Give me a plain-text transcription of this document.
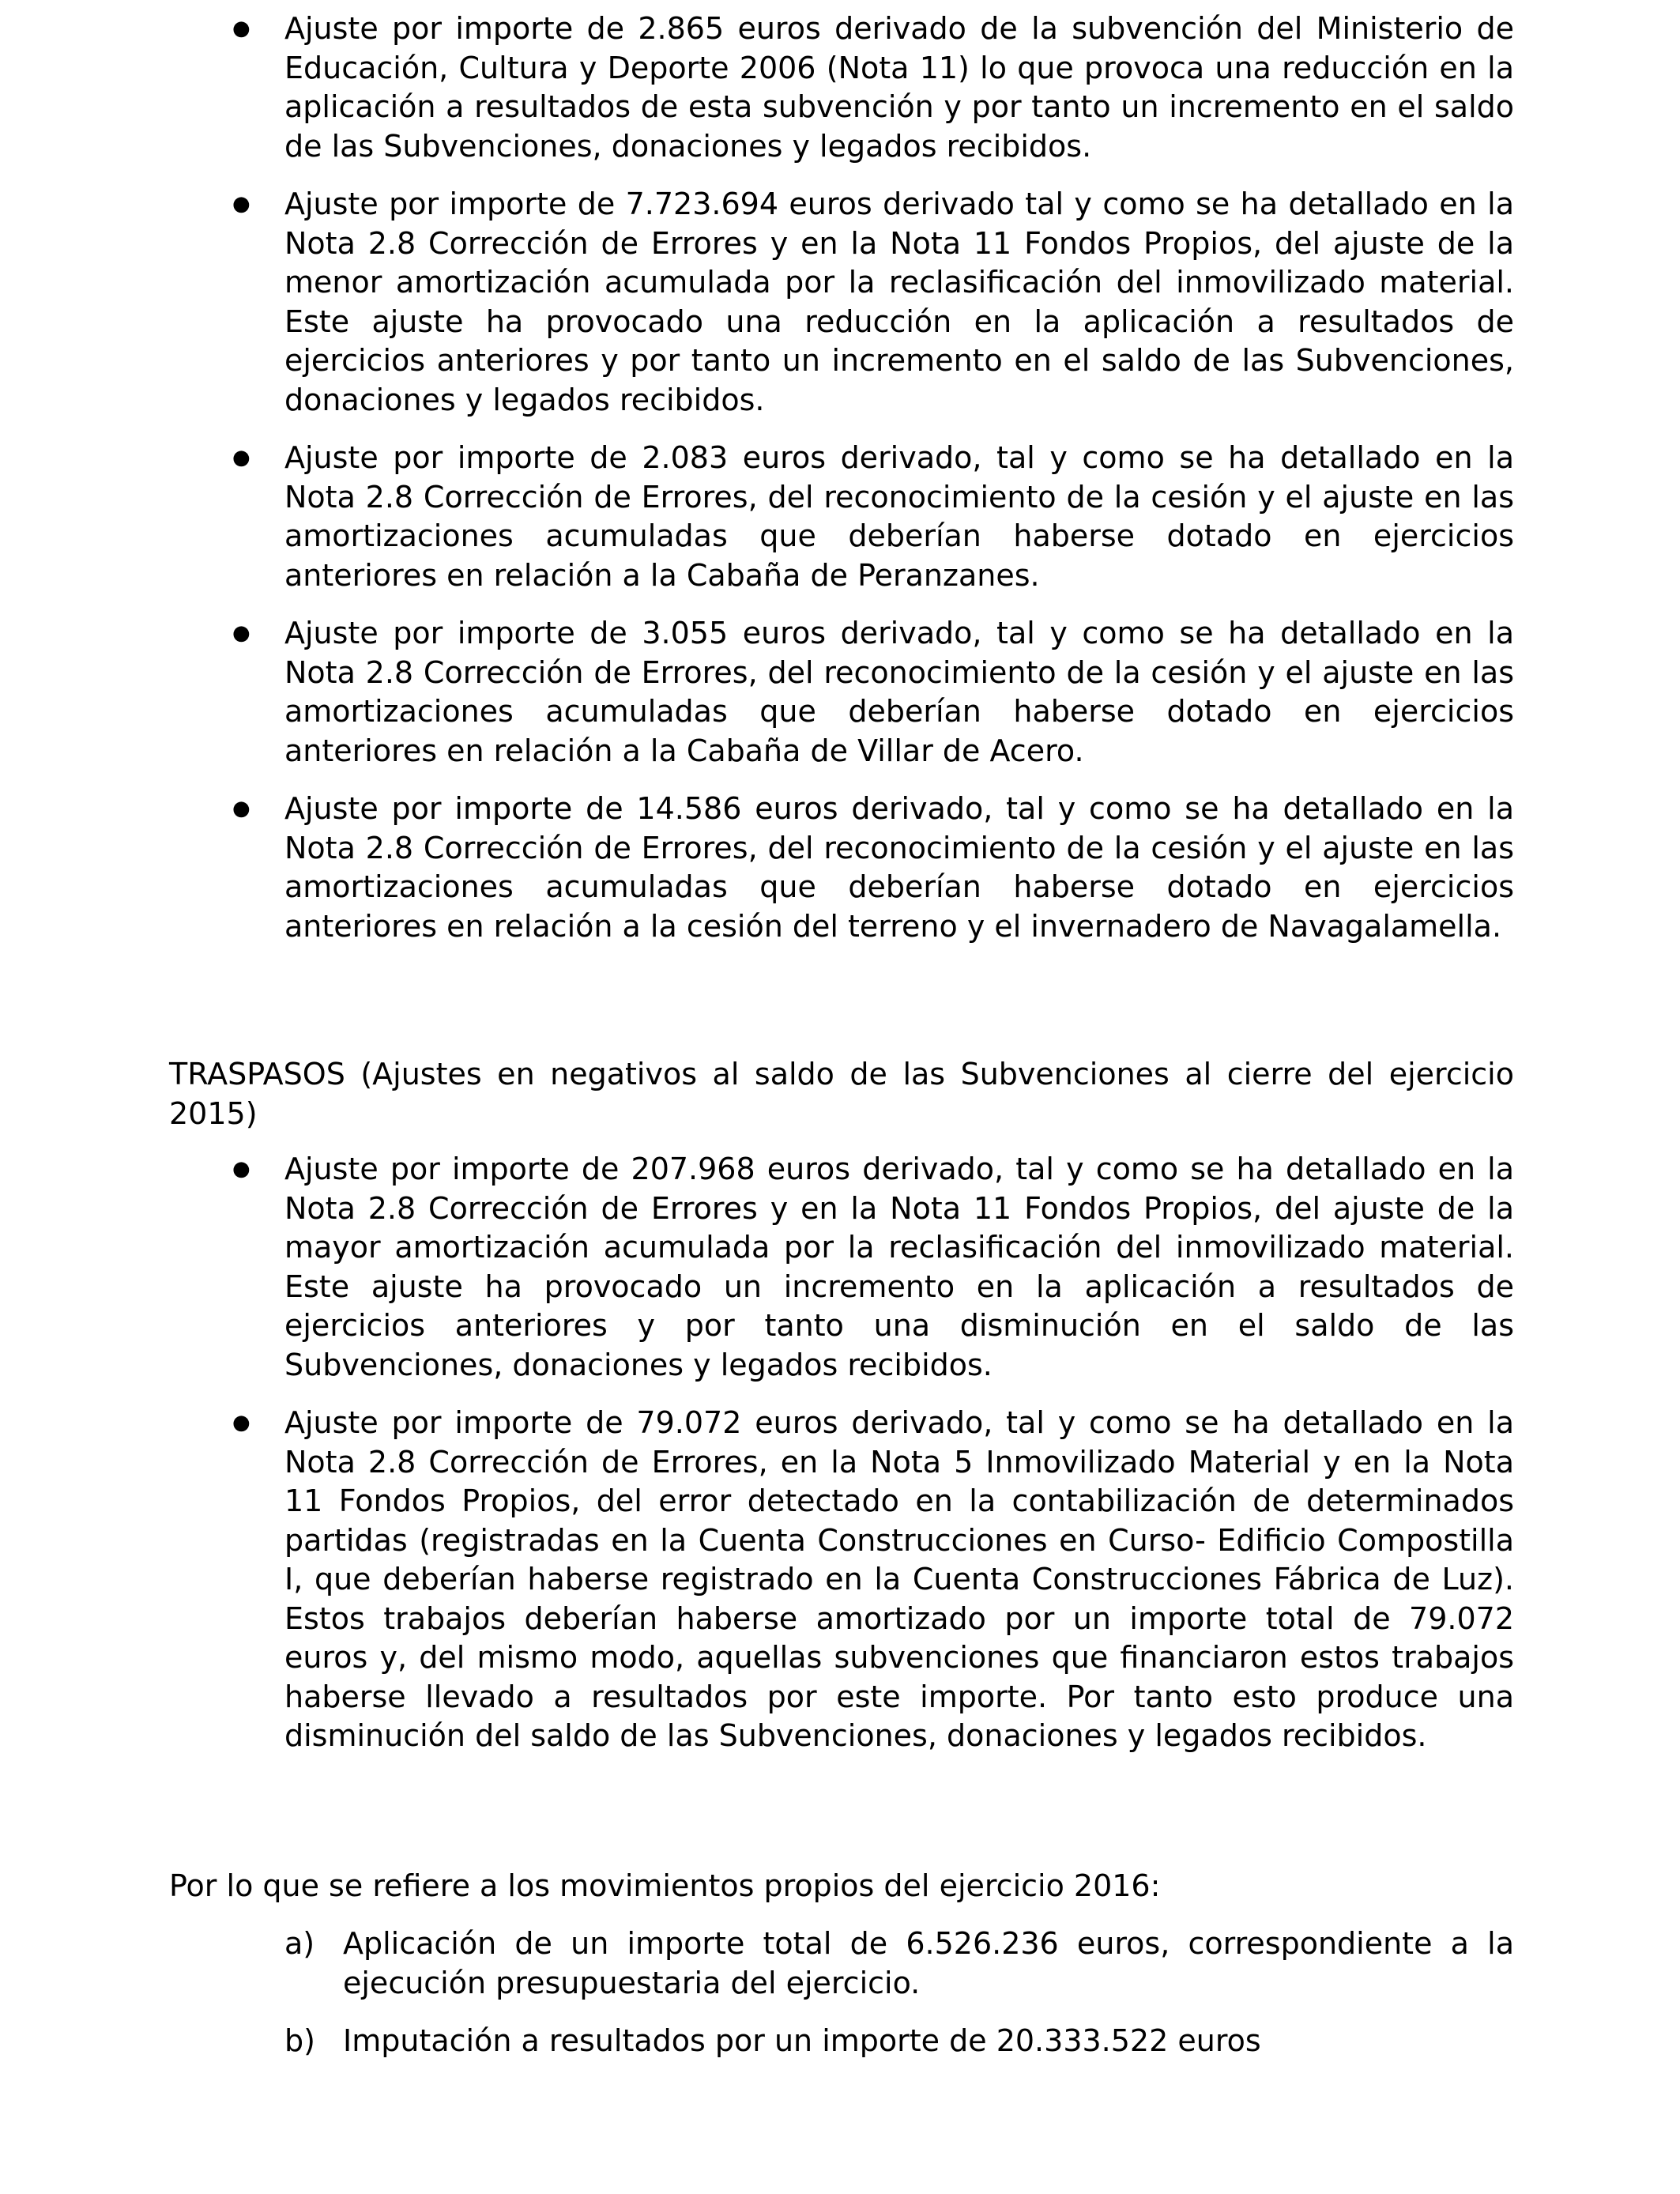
● Ajuste por importe de 2.865 euros derivado de la subvención del Ministerio de Educación, Cultura y Deporte 2006 (Nota 11) lo que provoca una reducción en la aplicación a resultados de esta subvención y por tanto un incremento en el saldo de las Subvenciones, donaciones y legados recibidos.
● Ajuste por importe de 7.723.694 euros derivado tal y como se ha detallado en la Nota 2.8 Corrección de Errores y en la Nota 11 Fondos Propios, del ajuste de la menor amortización acumulada por la reclasificación del inmovilizado material. Este ajuste ha provocado una reducción en la aplicación a resultados de ejercicios anteriores y por tanto un incremento en el saldo de las Subvenciones, donaciones y legados recibidos.
● Ajuste por importe de 2.083 euros derivado, tal y como se ha detallado en la Nota 2.8 Corrección de Errores, del reconocimiento de la cesión y el ajuste en las amortizaciones acumuladas que deberían haberse dotado en ejercicios anteriores en relación a la Cabaña de Peranzanes.
● Ajuste por importe de 3.055 euros derivado, tal y como se ha detallado en la Nota 2.8 Corrección de Errores, del reconocimiento de la cesión y el ajuste en las amortizaciones acumuladas que deberían haberse dotado en ejercicios anteriores en relación a la Cabaña de Villar de Acero.
● Ajuste por importe de 14.586 euros derivado, tal y como se ha detallado en la Nota 2.8 Corrección de Errores, del reconocimiento de la cesión y el ajuste en las amortizaciones acumuladas que deberían haberse dotado en ejercicios anteriores en relación a la cesión del terreno y el invernadero de Navagalamella.

TRASPASOS (Ajustes en negativos al saldo de las Subvenciones al cierre del ejercicio 2015)

● Ajuste por importe de 207.968 euros derivado, tal y como se ha detallado en la Nota 2.8 Corrección de Errores y en la Nota 11 Fondos Propios, del ajuste de la mayor amortización acumulada por la reclasificación del inmovilizado material. Este ajuste ha provocado un incremento en la aplicación a resultados de ejercicios anteriores y por tanto una disminución en el saldo de las Subvenciones, donaciones y legados recibidos.
● Ajuste por importe de 79.072 euros derivado, tal y como se ha detallado en la Nota 2.8 Corrección de Errores, en la Nota 5 Inmovilizado Material y en la Nota 11 Fondos Propios, del error detectado en la contabilización de determinados partidas (registradas en la Cuenta Construcciones en Curso- Edificio Compostilla I, que deberían haberse registrado en la Cuenta Construcciones Fábrica de Luz). Estos trabajos deberían haberse amortizado por un importe total de 79.072 euros y, del mismo modo, aquellas subvenciones que financiaron estos trabajos haberse llevado a resultados por este importe. Por tanto esto produce una disminución del saldo de las Subvenciones, donaciones y legados recibidos.

Por lo que se refiere a los movimientos propios del ejercicio 2016:

a) Aplicación de un importe total de 6.526.236 euros, correspondiente a la ejecución presupuestaria del ejercicio.
b) Imputación a resultados por un importe de 20.333.522 euros
